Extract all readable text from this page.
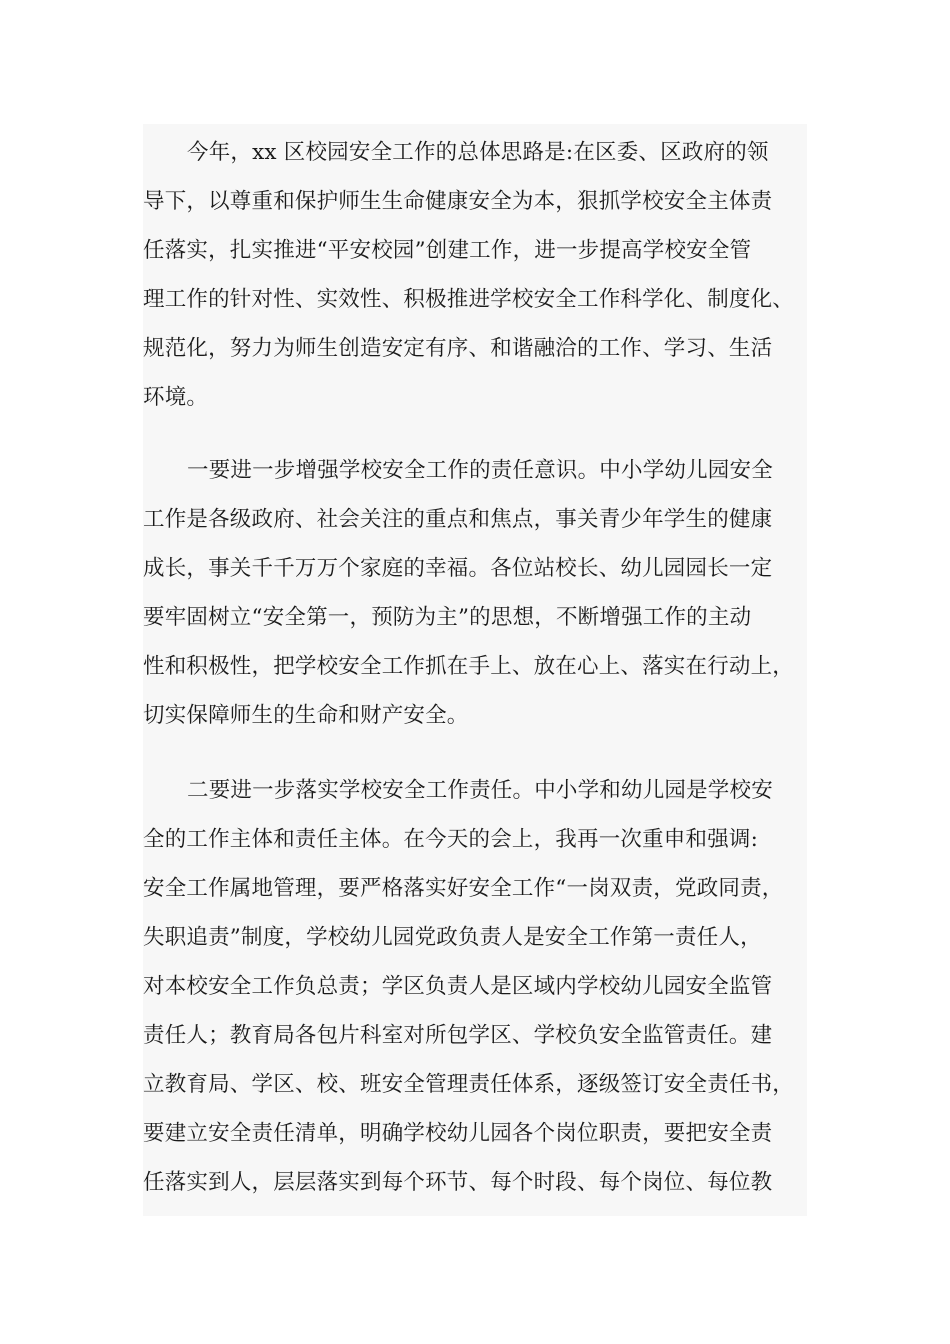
今年，xx 区校园安全工作的总体思路是:在区委、区政府的领
导下，以尊重和保护师生生命健康安全为本，狠抓学校安全主体责
任落实，扎实推进“平安校园”创建工作，进一步提高学校安全管
理工作的针对性、实效性、积极推进学校安全工作科学化、制度化、
规范化，努力为师生创造安定有序、和谐融洽的工作、学习、生活
环境。
一要进一步增强学校安全工作的责任意识。中小学幼儿园安全
工作是各级政府、社会关注的重点和焦点，事关青少年学生的健康
成长，事关千千万万个家庭的幸福。各位站校长、幼儿园园长一定
要牢固树立“安全第一，预防为主”的思想，不断增强工作的主动
性和积极性，把学校安全工作抓在手上、放在心上、落实在行动上，
切实保障师生的生命和财产安全。
二要进一步落实学校安全工作责任。中小学和幼儿园是学校安
全的工作主体和责任主体。在今天的会上，我再一次重申和强调:
安全工作属地管理，要严格落实好安全工作“一岗双责，党政同责，
失职追责”制度，学校幼儿园党政负责人是安全工作第一责任人，
对本校安全工作负总责；学区负责人是区域内学校幼儿园安全监管
责任人；教育局各包片科室对所包学区、学校负安全监管责任。建
立教育局、学区、校、班安全管理责任体系，逐级签订安全责任书，
要建立安全责任清单，明确学校幼儿园各个岗位职责，要把安全责
任落实到人，层层落实到每个环节、每个时段、每个岗位、每位教
